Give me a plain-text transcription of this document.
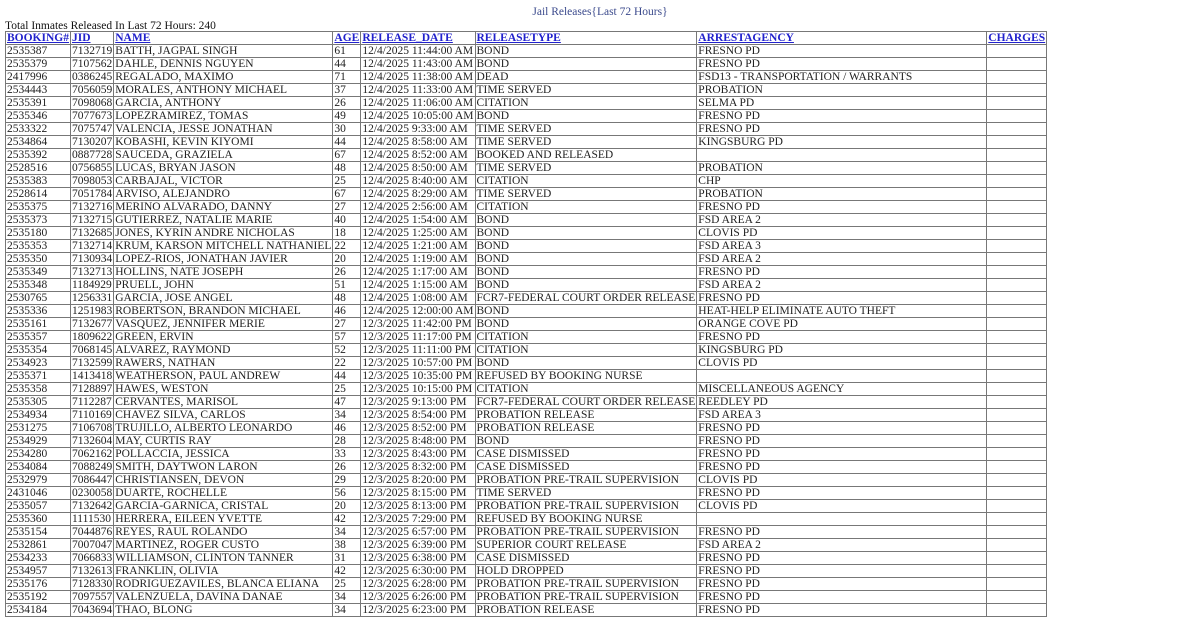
Jail Releases{Last 72 Hours}
Total Inmates Released In Last 72 Hours: 240
BOOKING#	JID	NAME	AGE	RELEASE_DATE	RELEASETYPE	ARRESTAGENCY	CHARGES
2535387	7132719	BATTH, JAGPAL SINGH	61	12/4/2025 11:44:00 AM	BOND	FRESNO PD	
2535379	7107562	DAHLE, DENNIS NGUYEN	44	12/4/2025 11:43:00 AM	BOND	FRESNO PD	
2417996	0386245	REGALADO, MAXIMO	71	12/4/2025 11:38:00 AM	DEAD	FSD13 - TRANSPORTATION / WARRANTS	
2534443	7056059	MORALES, ANTHONY MICHAEL	37	12/4/2025 11:33:00 AM	TIME SERVED	PROBATION	
2535391	7098068	GARCIA, ANTHONY	26	12/4/2025 11:06:00 AM	CITATION	SELMA PD	
2535346	7077673	LOPEZRAMIREZ, TOMAS	49	12/4/2025 10:05:00 AM	BOND	FRESNO PD	
2533322	7075747	VALENCIA, JESSE JONATHAN	30	12/4/2025 9:33:00 AM	TIME SERVED	FRESNO PD	
2534864	7130207	KOBASHI, KEVIN KIYOMI	44	12/4/2025 8:58:00 AM	TIME SERVED	KINGSBURG PD	
2535392	0887728	SAUCEDA, GRAZIELA	67	12/4/2025 8:52:00 AM	BOOKED AND RELEASED		
2528516	0756855	LUCAS, BRYAN JASON	48	12/4/2025 8:50:00 AM	TIME SERVED	PROBATION	
2535383	7098053	CARBAJAL, VICTOR	25	12/4/2025 8:40:00 AM	CITATION	CHP	
2528614	7051784	ARVISO, ALEJANDRO	67	12/4/2025 8:29:00 AM	TIME SERVED	PROBATION	
2535375	7132716	MERINO ALVARADO, DANNY	27	12/4/2025 2:56:00 AM	CITATION	FRESNO PD	
2535373	7132715	GUTIERREZ, NATALIE MARIE	40	12/4/2025 1:54:00 AM	BOND	FSD AREA 2	
2535180	7132685	JONES, KYRIN ANDRE NICHOLAS	18	12/4/2025 1:25:00 AM	BOND	CLOVIS PD	
2535353	7132714	KRUM, KARSON MITCHELL NATHANIEL	22	12/4/2025 1:21:00 AM	BOND	FSD AREA 3	
2535350	7130934	LOPEZ-RIOS, JONATHAN JAVIER	20	12/4/2025 1:19:00 AM	BOND	FSD AREA 2	
2535349	7132713	HOLLINS, NATE JOSEPH	26	12/4/2025 1:17:00 AM	BOND	FRESNO PD	
2535348	1184929	PRUELL, JOHN	51	12/4/2025 1:15:00 AM	BOND	FSD AREA 2	
2530765	1256331	GARCIA, JOSE ANGEL	48	12/4/2025 1:08:00 AM	FCR7-FEDERAL COURT ORDER RELEASE	FRESNO PD	
2535336	1251983	ROBERTSON, BRANDON MICHAEL	46	12/4/2025 12:00:00 AM	BOND	HEAT-HELP ELIMINATE AUTO THEFT	
2535161	7132677	VASQUEZ, JENNIFER MERIE	27	12/3/2025 11:42:00 PM	BOND	ORANGE COVE PD	
2535357	1809622	GREEN, ERVIN	57	12/3/2025 11:17:00 PM	CITATION	FRESNO PD	
2535354	7068145	ALVAREZ, RAYMOND	52	12/3/2025 11:11:00 PM	CITATION	KINGSBURG PD	
2534923	7132599	RAWERS, NATHAN	22	12/3/2025 10:57:00 PM	BOND	CLOVIS PD	
2535371	1413418	WEATHERSON, PAUL ANDREW	44	12/3/2025 10:35:00 PM	REFUSED BY BOOKING NURSE		
2535358	7128897	HAWES, WESTON	25	12/3/2025 10:15:00 PM	CITATION	MISCELLANEOUS AGENCY	
2535305	7112287	CERVANTES, MARISOL	47	12/3/2025 9:13:00 PM	FCR7-FEDERAL COURT ORDER RELEASE	REEDLEY PD	
2534934	7110169	CHAVEZ SILVA, CARLOS	34	12/3/2025 8:54:00 PM	PROBATION RELEASE	FSD AREA 3	
2531275	7106708	TRUJILLO, ALBERTO LEONARDO	46	12/3/2025 8:52:00 PM	PROBATION RELEASE	FRESNO PD	
2534929	7132604	MAY, CURTIS RAY	28	12/3/2025 8:48:00 PM	BOND	FRESNO PD	
2534280	7062162	POLLACCIA, JESSICA	33	12/3/2025 8:43:00 PM	CASE DISMISSED	FRESNO PD	
2534084	7088249	SMITH, DAYTWON LARON	26	12/3/2025 8:32:00 PM	CASE DISMISSED	FRESNO PD	
2532979	7086447	CHRISTIANSEN, DEVON	29	12/3/2025 8:20:00 PM	PROBATION PRE-TRAIL SUPERVISION	CLOVIS PD	
2431046	0230058	DUARTE, ROCHELLE	56	12/3/2025 8:15:00 PM	TIME SERVED	FRESNO PD	
2535057	7132642	GARCIA-GARNICA, CRISTAL	20	12/3/2025 8:13:00 PM	PROBATION PRE-TRAIL SUPERVISION	CLOVIS PD	
2535360	1111530	HERRERA, EILEEN YVETTE	42	12/3/2025 7:29:00 PM	REFUSED BY BOOKING NURSE		
2535154	7044876	REYES, RAUL ROLANDO	34	12/3/2025 6:57:00 PM	PROBATION PRE-TRAIL SUPERVISION	FRESNO PD	
2532861	7007047	MARTINEZ, ROGER CUSTO	38	12/3/2025 6:39:00 PM	SUPERIOR COURT RELEASE	FSD AREA 2	
2534233	7066833	WILLIAMSON, CLINTON TANNER	31	12/3/2025 6:38:00 PM	CASE DISMISSED	FRESNO PD	
2534957	7132613	FRANKLIN, OLIVIA	42	12/3/2025 6:30:00 PM	HOLD DROPPED	FRESNO PD	
2535176	7128330	RODRIGUEZAVILES, BLANCA ELIANA	25	12/3/2025 6:28:00 PM	PROBATION PRE-TRAIL SUPERVISION	FRESNO PD	
2535192	7097557	VALENZUELA, DAVINA DANAE	34	12/3/2025 6:26:00 PM	PROBATION PRE-TRAIL SUPERVISION	FRESNO PD	
2534184	7043694	THAO, BLONG	34	12/3/2025 6:23:00 PM	PROBATION RELEASE	FRESNO PD	
